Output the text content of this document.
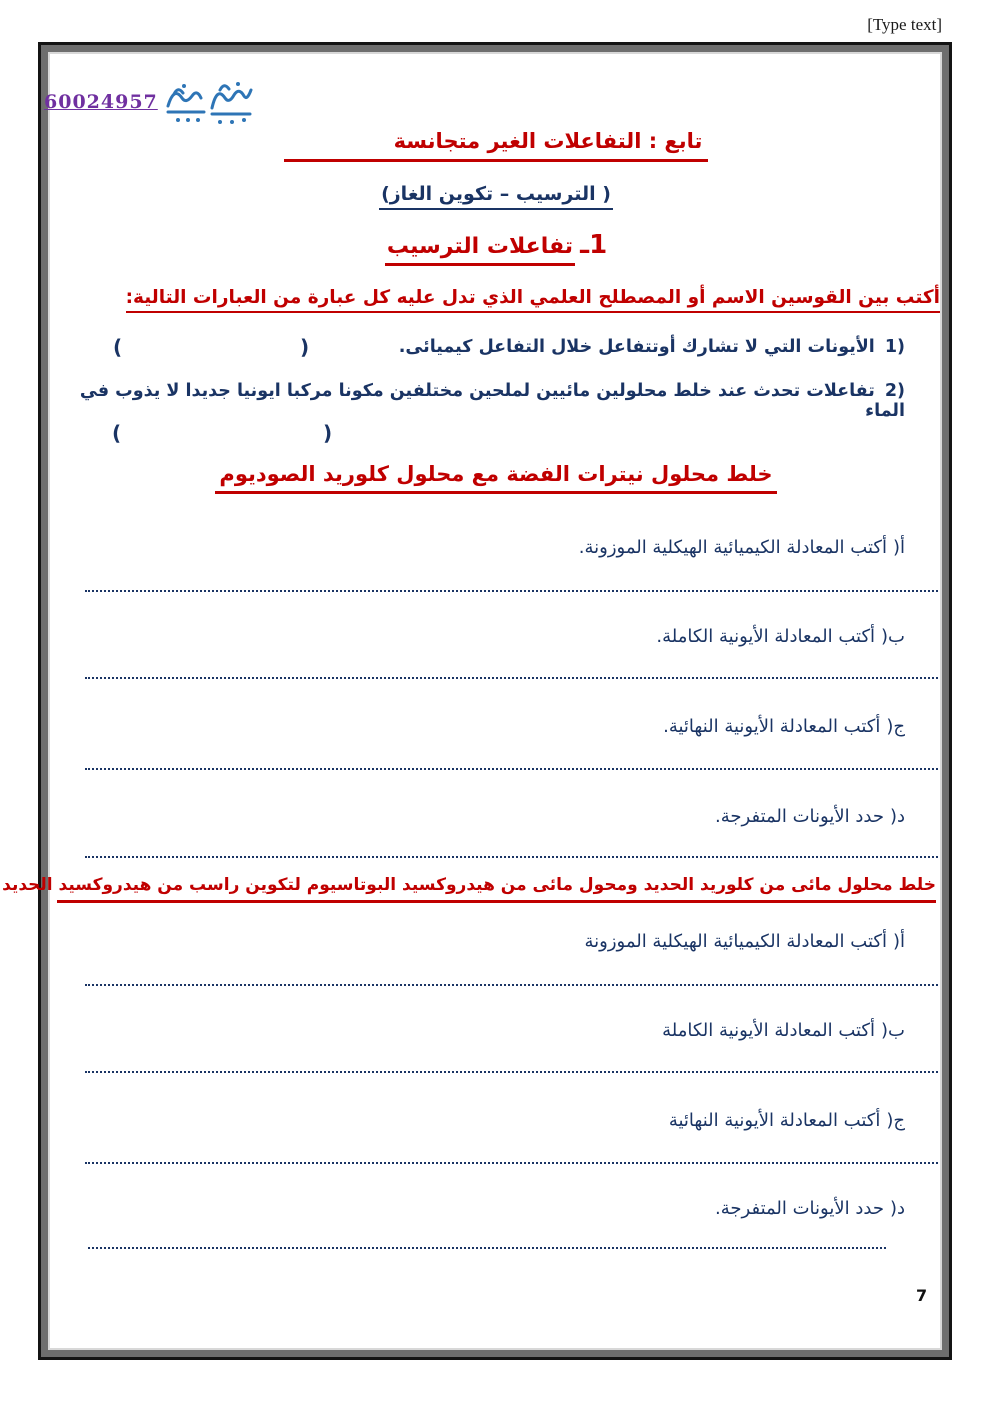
[Type text]
60024957
تابع : التفاعلات الغير متجانسة
( الترسيب – تكوين الغاز)
1ـ تفاعلات الترسيب
أكتب بين القوسين الاسم أو المصطلح العلمي الذي تدل عليه كل عبارة من العبارات التالية:
1‎)‎الأيونات التي لا تشارك أوتتفاعل خلال التفاعل كيميائى.
(	)
2‎)‎تفاعلات تحدث عند خلط محلولين مائيين لملحين مختلفين مكونا مركبا ايونيا جديدا لا يذوب في الماء
(	)
خلط محلول نيترات الفضة مع محلول كلوريد الصوديوم
أ‎)‎أكتب المعادلة الكيميائية الهيكلية الموزونة.
ب‎)‎أكتب المعادلة الأيونية الكاملة.
ج‎)‎أكتب المعادلة الأيونية النهائية.
د‎)‎حدد الأيونات المتفرجة.
خلط محلول مائى من كلوريد الحديد ومحول مائى من هيدروكسيد البوتاسيوم لتكوين راسب من هيدروكسيد الحديد
أ‎)‎أكتب المعادلة الكيميائية الهيكلية الموزونة
ب‎)‎أكتب المعادلة الأيونية الكاملة
ج‎)‎أكتب المعادلة الأيونية النهائية
د‎)‎حدد الأيونات المتفرجة.
7
